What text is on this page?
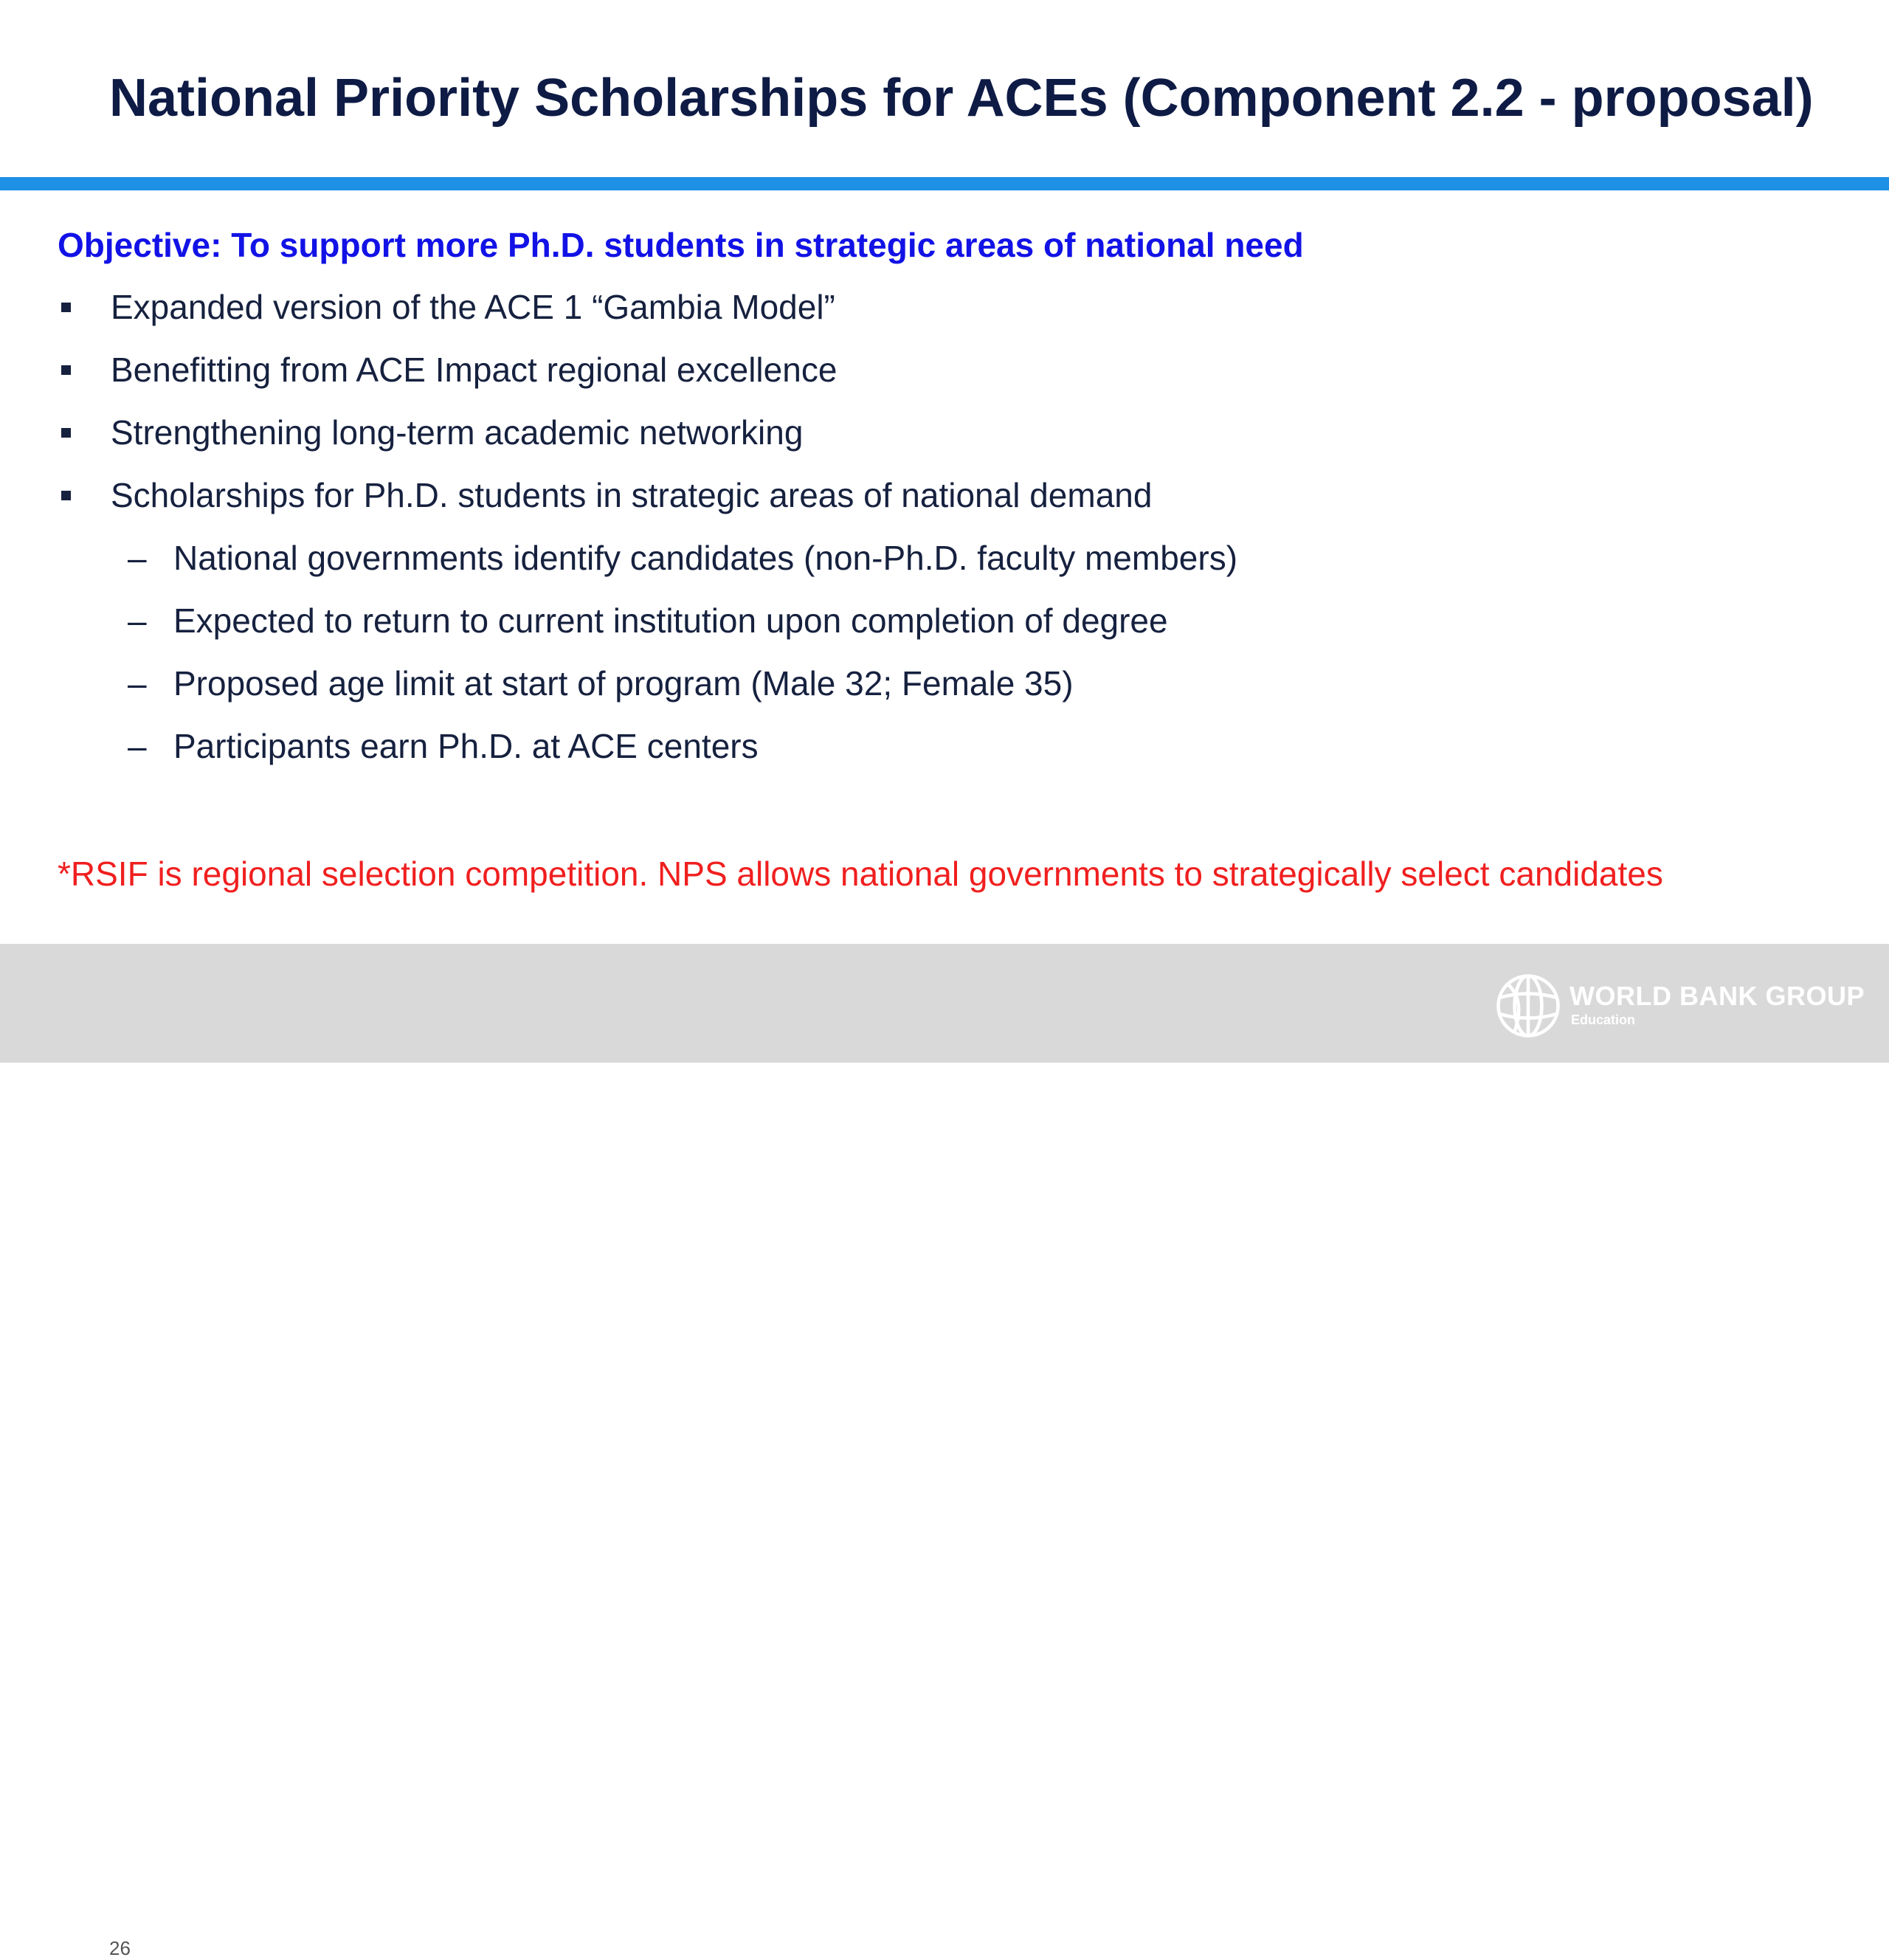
National Priority Scholarships for ACEs (Component 2.2 - proposal)

Objective: To support more Ph.D. students in strategic areas of national need

Expanded version of the ACE 1 “Gambia Model”
Benefitting from ACE Impact regional excellence
Strengthening long-term academic networking
Scholarships for Ph.D. students in strategic areas of national demand
– National governments identify candidates (non-Ph.D. faculty members)
– Expected to return to current institution upon completion of degree
– Proposed age limit at start of program (Male 32; Female 35)
– Participants earn Ph.D. at ACE centers

*RSIF is regional selection competition. NPS allows national governments to strategically select candidates

26
WORLD BANK GROUP
Education
